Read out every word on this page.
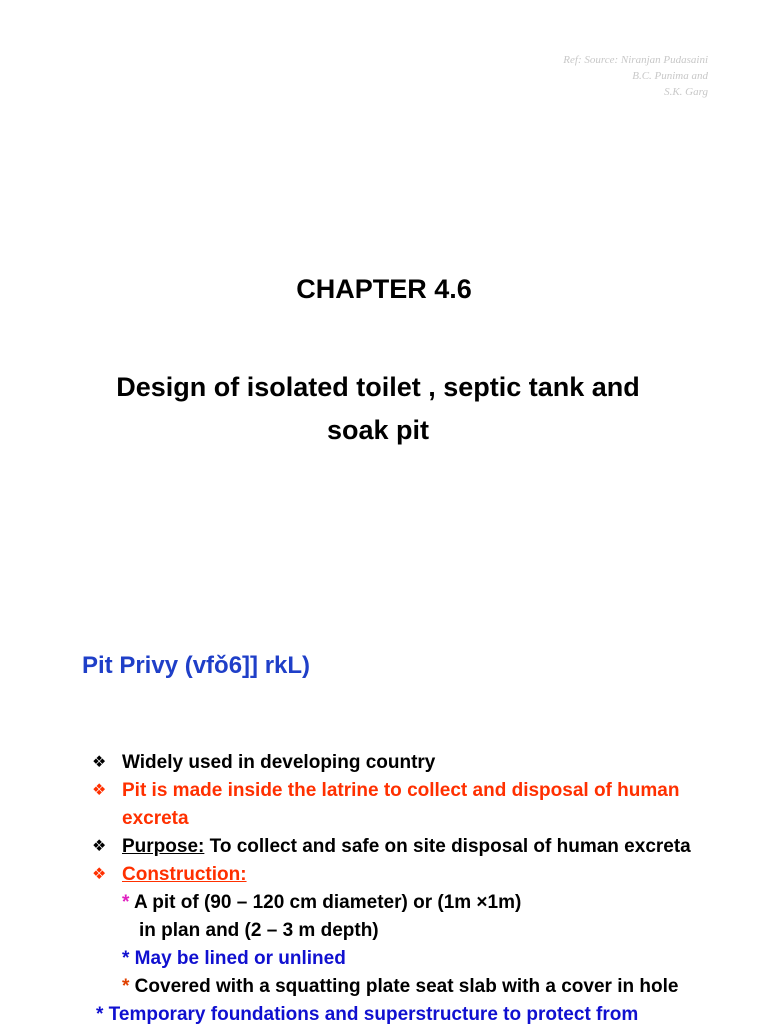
Ref: Source: Niranjan Pudasaini
B.C. Punima and
S.K. Garg
CHAPTER 4.6
Design of isolated toilet , septic tank and
soak pit
Pit Privy (vfǒ6]] rkL)
❖ Widely used in developing country
❖ Pit is made inside the latrine to collect and disposal of human
excreta
❖ Purpose: To collect and safe on site disposal of human excreta
❖ Construction:
* A pit of (90 – 120 cm diameter) or (1m ×1m)
in plan and (2 – 3 m depth)
* May be lined or unlined
* Covered with a squatting plate seat slab with a cover in hole
* Temporary foundations and superstructure to protect from
